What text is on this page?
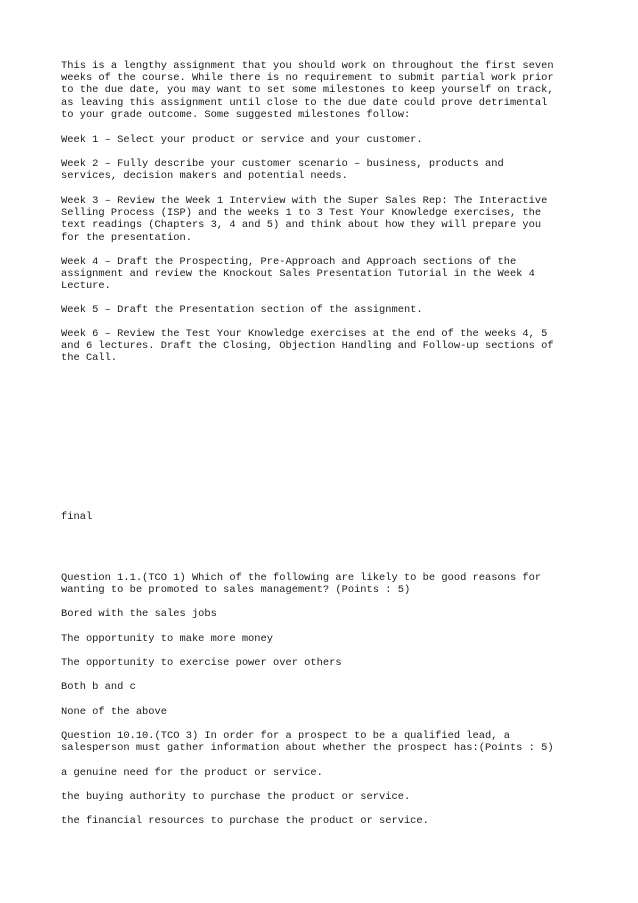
This is a lengthy assignment that you should work on throughout the first seven
weeks of the course. While there is no requirement to submit partial work prior
to the due date, you may want to set some milestones to keep yourself on track,
as leaving this assignment until close to the due date could prove detrimental
to your grade outcome. Some suggested milestones follow:

Week 1 – Select your product or service and your customer.

Week 2 – Fully describe your customer scenario – business, products and
services, decision makers and potential needs.

Week 3 – Review the Week 1 Interview with the Super Sales Rep: The Interactive
Selling Process (ISP) and the weeks 1 to 3 Test Your Knowledge exercises, the
text readings (Chapters 3, 4 and 5) and think about how they will prepare you
for the presentation.

Week 4 – Draft the Prospecting, Pre-Approach and Approach sections of the
assignment and review the Knockout Sales Presentation Tutorial in the Week 4
Lecture.

Week 5 – Draft the Presentation section of the assignment.

Week 6 – Review the Test Your Knowledge exercises at the end of the weeks 4, 5
and 6 lectures. Draft the Closing, Objection Handling and Follow-up sections of
the Call.

final

Question 1.1.(TCO 1) Which of the following are likely to be good reasons for
wanting to be promoted to sales management? (Points : 5)

Bored with the sales jobs

The opportunity to make more money

The opportunity to exercise power over others

Both b and c

None of the above

Question 10.10.(TCO 3) In order for a prospect to be a qualified lead, a
salesperson must gather information about whether the prospect has:(Points : 5)

a genuine need for the product or service.

the buying authority to purchase the product or service.

the financial resources to purchase the product or service.
